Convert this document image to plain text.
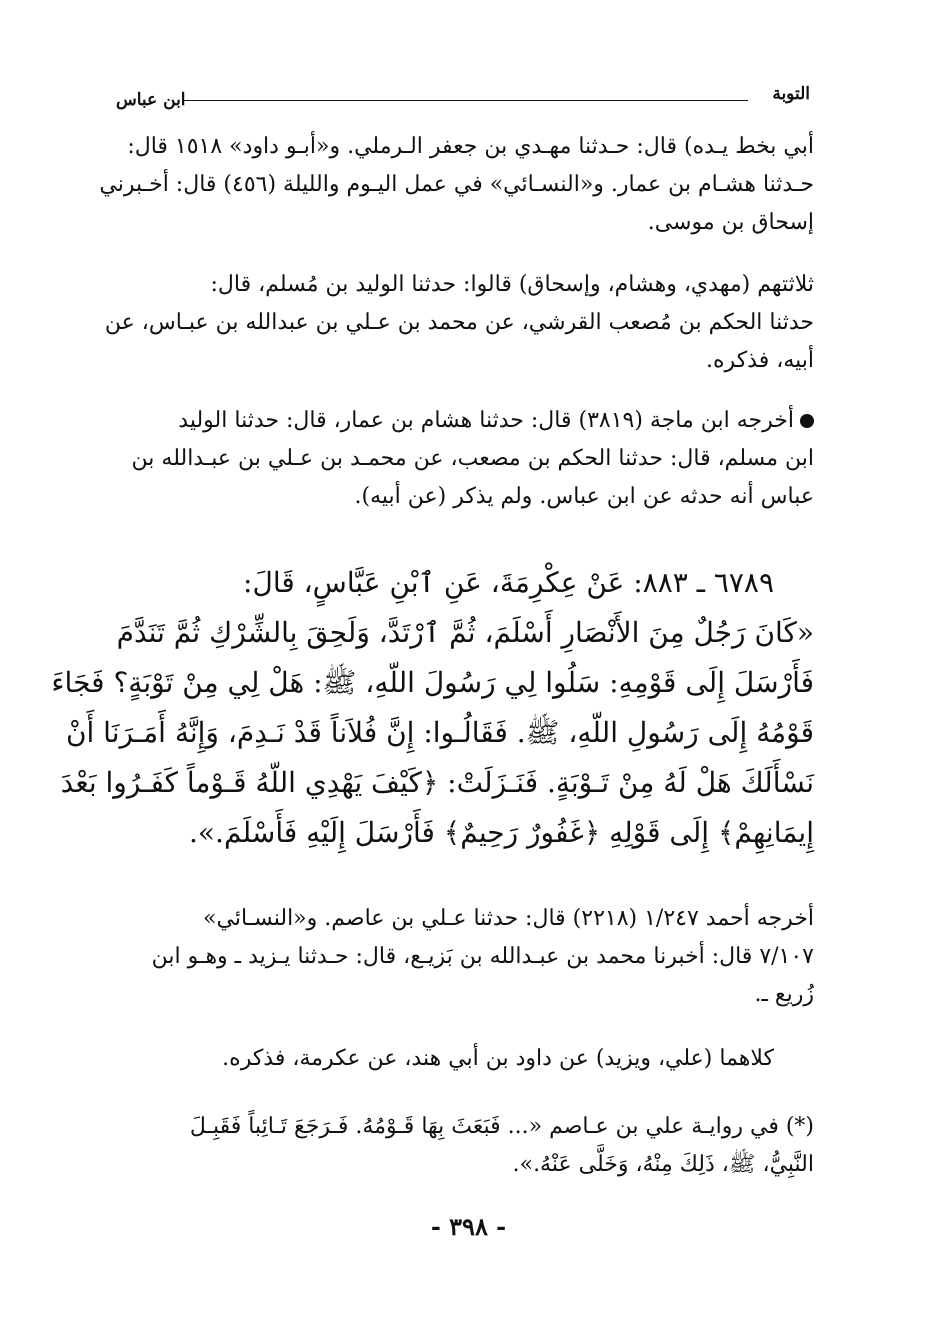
التوبة
ابن عباس
أبي بخط يـده) قال: حـدثنا مهـدي بن جعفر الـرملي. و«أبـو داود» ١٥١٨ قال:
حـدثنا هشـام بن عمار. و«النسـائي» في عمل اليـوم والليلة (٤٥٦) قال: أخـبرني
إسحاق بن موسى.
ثلاثتهم (مهدي، وهشام، وإسحاق) قالوا: حدثنا الوليد بن مُسلم، قال:
حدثنا الحكم بن مُصعب القرشي، عن محمد بن عـلي بن عبدالله بن عبـاس، عن
أبيه، فذكره.
أخرجه ابن ماجة (٣٨١٩) قال: حدثنا هشام بن عمار، قال: حدثنا الوليد
ابن مسلم، قال: حدثنا الحكم بن مصعب، عن محمـد بن عـلي بن عبـدالله بن
عباس أنه حدثه عن ابن عباس. ولم يذكر (عن أبيه).
٦٧٨٩ ـ ٨٨٣: عَنْ عِكْرِمَةَ، عَنِ ٱبْنِ عَبَّاسٍ، قَالَ:
«كَانَ رَجُلٌ مِنَ الأَنْصَارِ أَسْلَمَ، ثُمَّ ٱرْتَدَّ، وَلَحِقَ بِالشِّرْكِ ثُمَّ تَنَدَّمَ
فَأَرْسَلَ إِلَى قَوْمِهِ: سَلُوا لِي رَسُولَ اللّهِ، ﷺ: هَلْ لِي مِنْ تَوْبَةٍ؟ فَجَاءَ
قَوْمُهُ إِلَى رَسُولِ اللّهِ، ﷺ. فَقَالُـوا: إِنَّ فُلاَناً قَدْ نَـدِمَ، وَإِنَّهُ أَمَـرَنَا أَنْ
نَسْأَلَكَ هَلْ لَهُ مِنْ تَـوْبَةٍ. فَنَـزَلَتْ: ﴿كَيْفَ يَهْدِي اللّهُ قَـوْماً كَفَـرُوا بَعْدَ
إِيمَانِهِمْ﴾ إِلَى قَوْلِهِ ﴿غَفُورٌ رَحِيمٌ﴾ فَأَرْسَلَ إِلَيْهِ فَأَسْلَمَ.».
أخرجه أحمد ١/٢٤٧ (٢٢١٨) قال: حدثنا عـلي بن عاصم. و«النسـائي»
٧/١٠٧ قال: أخبرنا محمد بن عبـدالله بن بَزيـع، قال: حـدثنا يـزيد ـ وهـو ابن
زُريع ـ.
كلاهما (علي، ويزيد) عن داود بن أبي هند، عن عكرمة، فذكره.
(*) في روايـة علي بن عـاصم «... فَبَعَثَ بِهَا قَـوْمُهُ. فَـرَجَعَ تَـائِباً فَقَبِـلَ
النَّبِيُّ، ﷺ، ذَلِكَ مِنْهُ، وَخَلَّى عَنْهُ.».
- ٣٩٨ -
